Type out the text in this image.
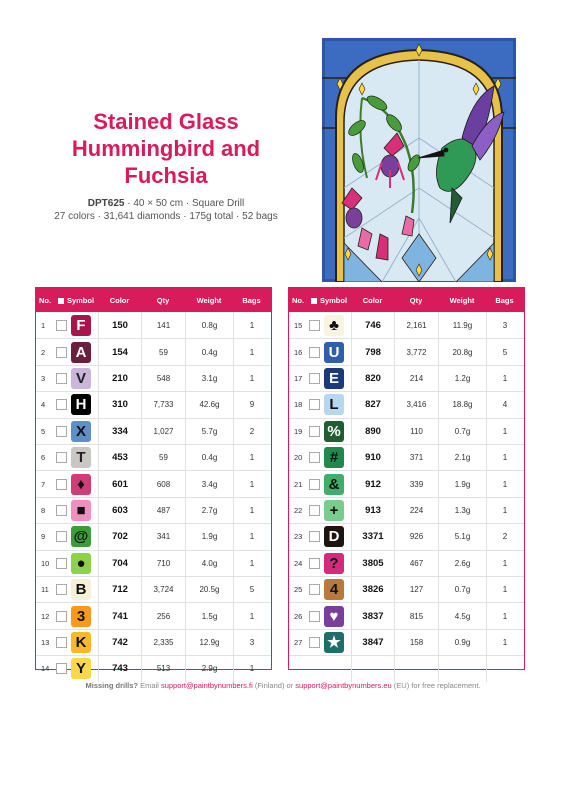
Stained Glass Hummingbird and Fuchsia
DPT625 · 40 × 50 cm · Square Drill
27 colors · 31,641 diamonds · 175g total · 52 bags
No.	Symbol	Color	Qty	Weight	Bags
1	F	150	141	0.8g	1
2	A	154	59	0.4g	1
3	V	210	548	3.1g	1
4	H	310	7,733	42.6g	9
5	X	334	1,027	5.7g	2
6	T	453	59	0.4g	1
7	♦	601	608	3.4g	1
8	■	603	487	2.7g	1
9	@	702	341	1.9g	1
10	●	704	710	4.0g	1
11	B	712	3,724	20.5g	5
12	3	741	256	1.5g	1
13	K	742	2,335	12.9g	3
14	Y	743	513	2.9g	1
No.	Symbol	Color	Qty	Weight	Bags
15	♣	746	2,161	11.9g	3
16	U	798	3,772	20.8g	5
17	E	820	214	1.2g	1
18	L	827	3,416	18.8g	4
19	%	890	110	0.7g	1
20	#	910	371	2.1g	1
21	&	912	339	1.9g	1
22	+	913	224	1.3g	1
23	D	3371	926	5.1g	2
24	?	3805	467	2.6g	1
25	4	3826	127	0.7g	1
26	♥	3837	815	4.5g	1
27	★	3847	158	0.9g	1
Missing drills? Email support@paintbynumbers.fi (Finland) or support@paintbynumbers.eu (EU) for free replacement.
